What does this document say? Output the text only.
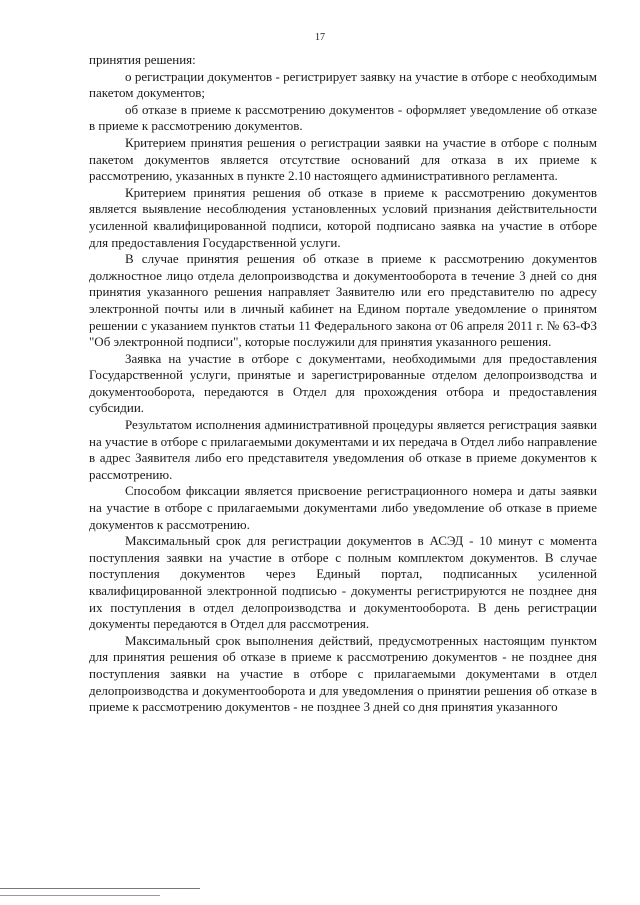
17

принятия решения:

о регистрации документов - регистрирует заявку на участие в отборе с необходимым пакетом документов;

об отказе в приеме к рассмотрению документов - оформляет уведомление об отказе в приеме к рассмотрению документов.

Критерием принятия решения о регистрации заявки на участие в отборе с полным пакетом документов является отсутствие оснований для отказа в их приеме к рассмотрению, указанных в пункте 2.10 настоящего административного регламента.

Критерием принятия решения об отказе в приеме к рассмотрению документов является выявление несоблюдения установленных условий признания действительности усиленной квалифицированной подписи, которой подписано заявка на участие в отборе для предоставления Государственной услуги.

В случае принятия решения об отказе в приеме к рассмотрению документов должностное лицо отдела делопроизводства и документооборота в течение 3 дней со дня принятия указанного решения направляет Заявителю или его представителю по адресу электронной почты или в личный кабинет на Едином портале уведомление о принятом решении с указанием пунктов статьи 11 Федерального закона от 06 апреля 2011 г. № 63-ФЗ "Об электронной подписи", которые послужили для принятия указанного решения.

Заявка на участие в отборе с документами, необходимыми для предоставления Государственной услуги, принятые и зарегистрированные отделом делопроизводства и документооборота, передаются в Отдел для прохождения отбора и предоставления субсидии.

Результатом исполнения административной процедуры является регистрация заявки на участие в отборе с прилагаемыми документами и их передача в Отдел либо направление в адрес Заявителя либо его представителя уведомления об отказе в приеме документов к рассмотрению.

Способом фиксации является присвоение регистрационного номера и даты заявки на участие в отборе с прилагаемыми документами либо уведомление об отказе в приеме документов к рассмотрению.

Максимальный срок для регистрации документов в АСЭД - 10 минут с момента поступления заявки на участие в отборе с полным комплектом документов. В случае поступления документов через Единый портал, подписанных усиленной квалифицированной электронной подписью - документы регистрируются не позднее дня их поступления в отдел делопроизводства и документооборота. В день регистрации документы передаются в Отдел для рассмотрения.

Максимальный срок выполнения действий, предусмотренных настоящим пунктом для принятия решения об отказе в приеме к рассмотрению документов - не позднее дня поступления заявки на участие в отборе с прилагаемыми документами в отдел делопроизводства и документооборота и для уведомления о принятии решения об отказе в приеме к рассмотрению документов - не позднее 3 дней со дня принятия указанного
